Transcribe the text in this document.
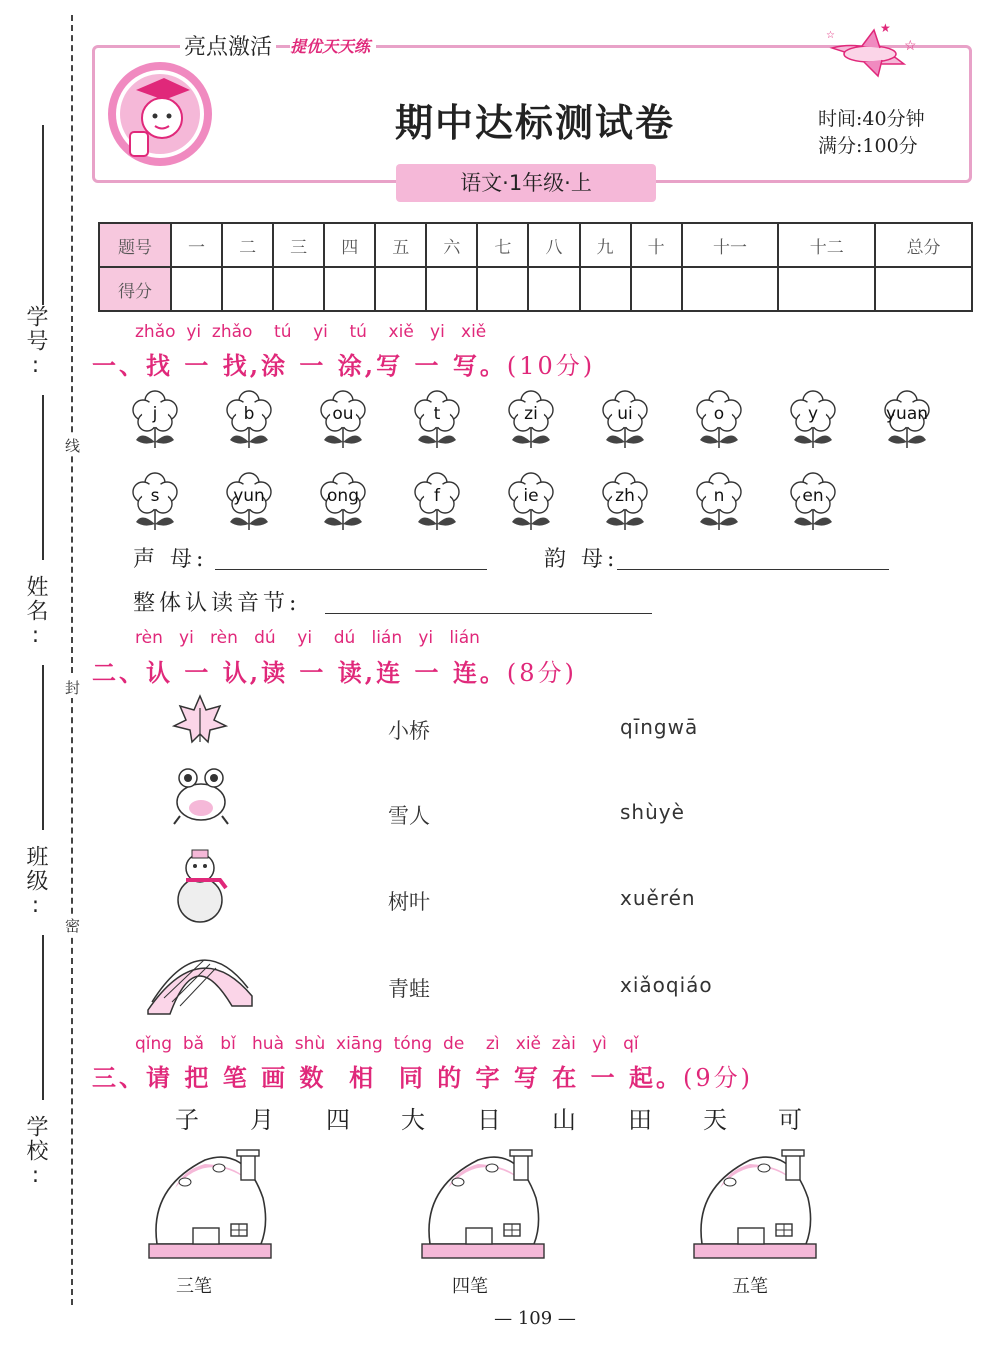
学号:
姓名:
班级:
学校:
线
封
密
亮点激活 提优天天练
★
☆
☆
期中达标测试卷	时间:40分钟
满分:100分
语文·1年级·上
题号	一	二	三	四	五	六	七	八	九	十	十一	十二	总分
得分													
zhǎo  yi  zhǎo    tú    yi    tú    xiě   yi   xiě
一、找 一 找,涂 一 涂,写 一 写。(10分)
j	b	ou	t	zi	ui	o	y	yuan
s	yun	ong	f	ie	zh	n	en
声 母:	韵 母:
整体认读音节:
rèn   yi   rèn   dú    yi    dú   lián   yi   lián
二、认 一 认,读 一 读,连 一 连。(8分)
小桥
雪人
树叶
青蛙
qīngwā
shùyè
xuěrén
xiǎoqiáo
qǐng  bǎ   bǐ   huà  shù  xiāng  tóng  de    zì   xiě  zài   yì   qǐ
三、请 把 笔 画 数  相  同 的 字 写 在 一 起。(9分)
子 月 四 大 日 山 田 天 可
三笔	四笔	五笔
— 109 —
